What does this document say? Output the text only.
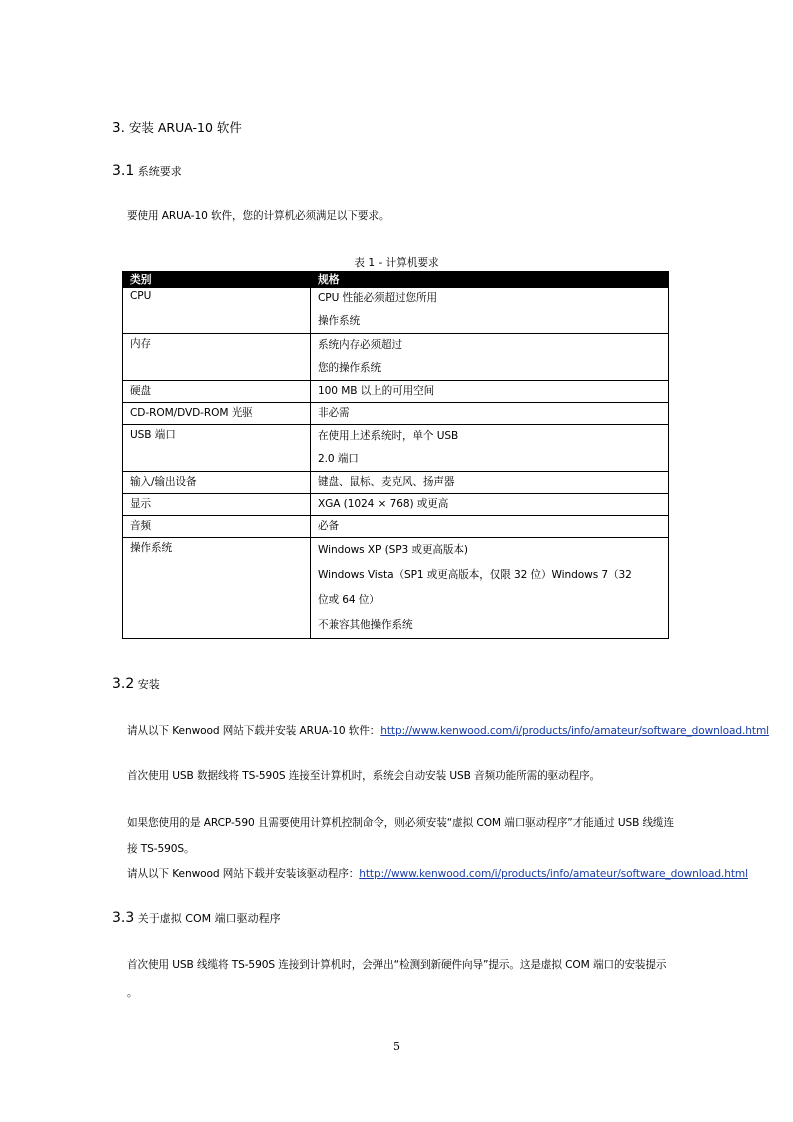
3. 安装 ARUA-10 软件
3.1 系统要求
要使用 ARUA-10 软件，您的计算机必须满足以下要求。
表 1 - 计算机要求
类别	规格
CPU	CPU 性能必须超过您所用
操作系统

内存	系统内存必须超过
您的操作系统

硬盘	100 MB 以上的可用空间

CD-ROM/DVD-ROM 光驱	非必需

USB 端口	在使用上述系统时，单个 USB
2.0 端口

输入/输出设备	键盘、鼠标、麦克风、扬声器

显示	XGA (1024 × 768) 或更高

音频	必备

操作系统	Windows XP (SP3 或更高版本)
Windows Vista（SP1 或更高版本，仅限 32 位）Windows 7（32
位或 64 位）
不兼容其他操作系统
3.2 安装
请从以下 Kenwood 网站下载并安装 ARUA-10 软件：http://www.kenwood.com/i/products/info/amateur/software_download.html
首次使用 USB 数据线将 TS-590S 连接至计算机时，系统会自动安装 USB 音频功能所需的驱动程序。
如果您使用的是 ARCP-590 且需要使用计算机控制命令，则必须安装“虚拟 COM 端口驱动程序”才能通过 USB 线缆连
接 TS-590S。
请从以下 Kenwood 网站下载并安装该驱动程序：http://www.kenwood.com/i/products/info/amateur/software_download.html
3.3 关于虚拟 COM 端口驱动程序
首次使用 USB 线缆将 TS-590S 连接到计算机时，会弹出“检测到新硬件向导”提示。这是虚拟 COM 端口的安装提示
。
5
